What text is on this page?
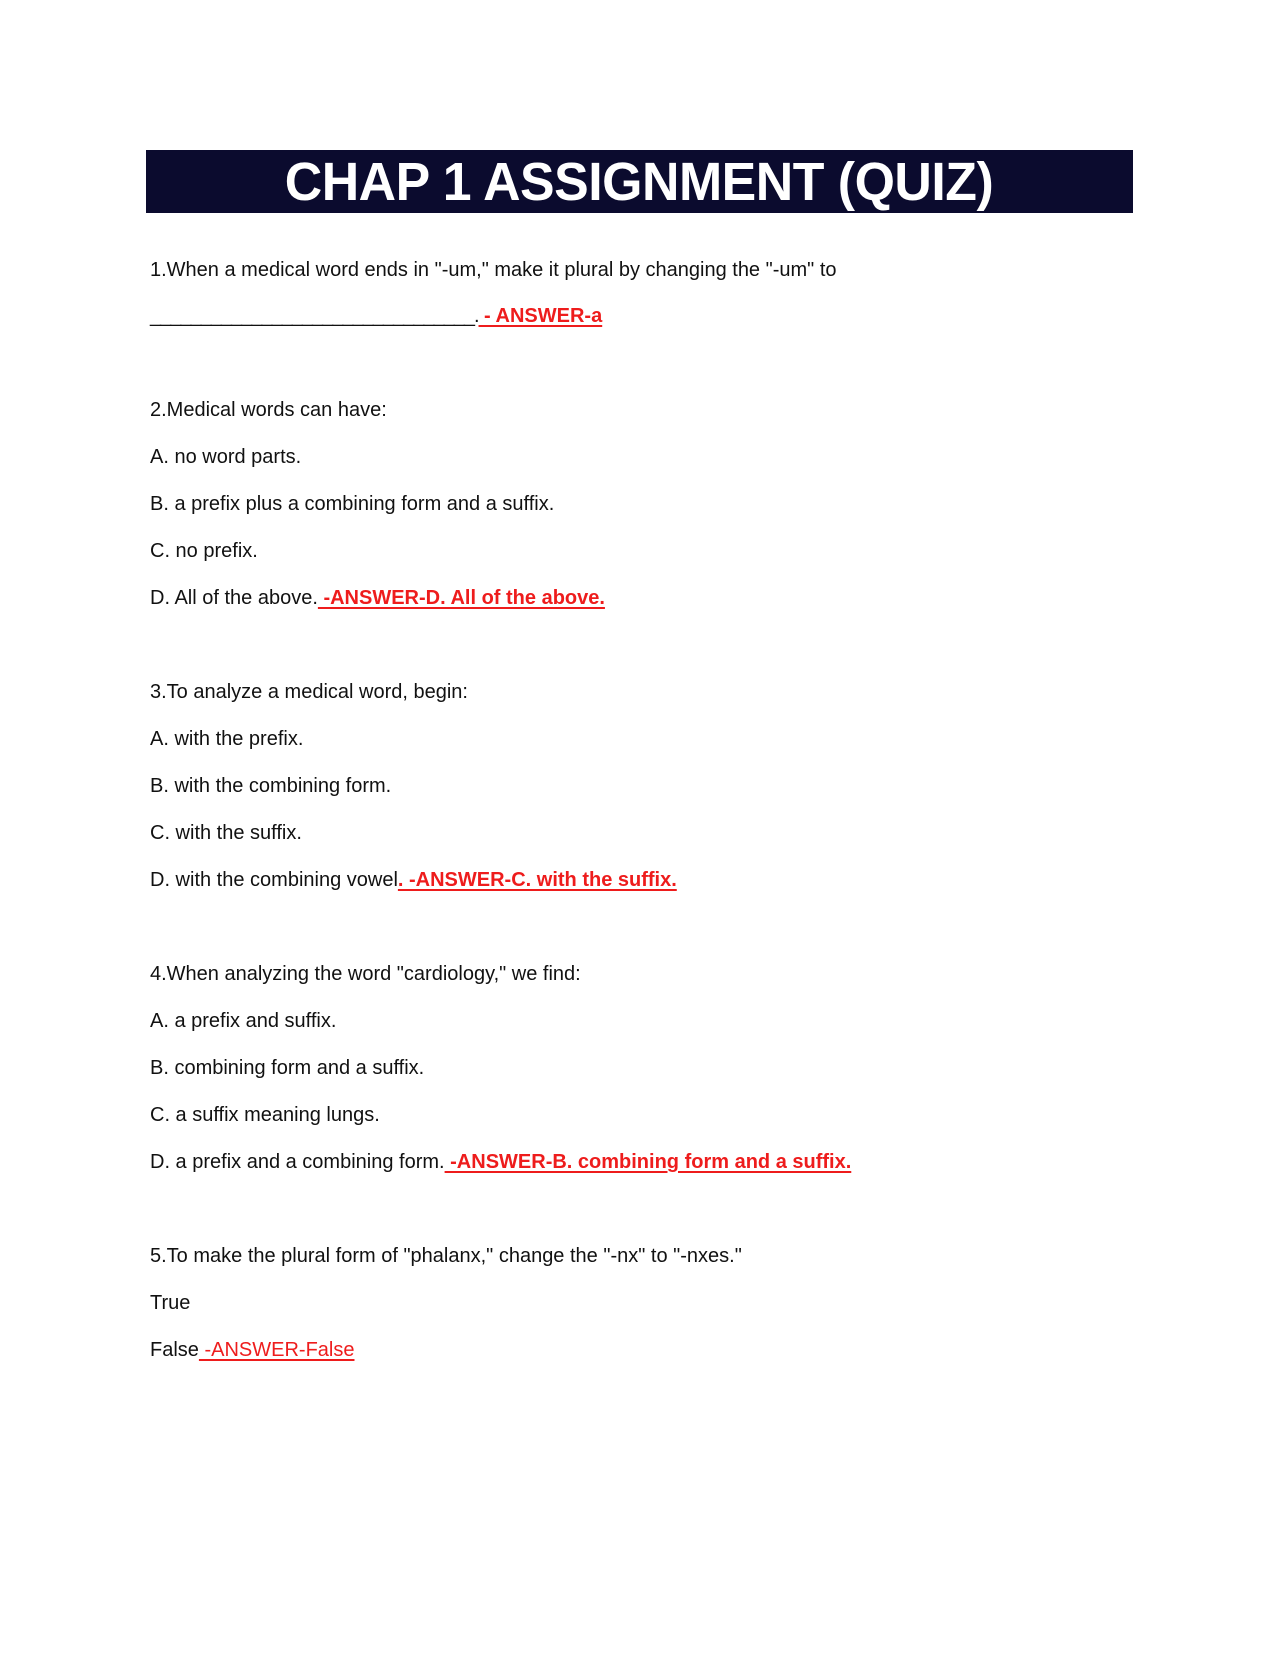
CHAP 1 ASSIGNMENT (QUIZ)
1.When a medical word ends in "-um," make it plural by changing the "-um" to
________________________________. - ANSWER-a
2.Medical words can have:
A. no word parts.
B. a prefix plus a combining form and a suffix.
C. no prefix.
D. All of the above. -ANSWER-D. All of the above.
3.To analyze a medical word, begin:
A. with the prefix.
B. with the combining form.
C. with the suffix.
D. with the combining vowel. -ANSWER-C. with the suffix.
4.When analyzing the word "cardiology," we find:
A. a prefix and suffix.
B. combining form and a suffix.
C. a suffix meaning lungs.
D. a prefix and a combining form. -ANSWER-B. combining form and a suffix.
5.To make the plural form of "phalanx," change the "-nx" to "-nxes."
True
False -ANSWER-False
